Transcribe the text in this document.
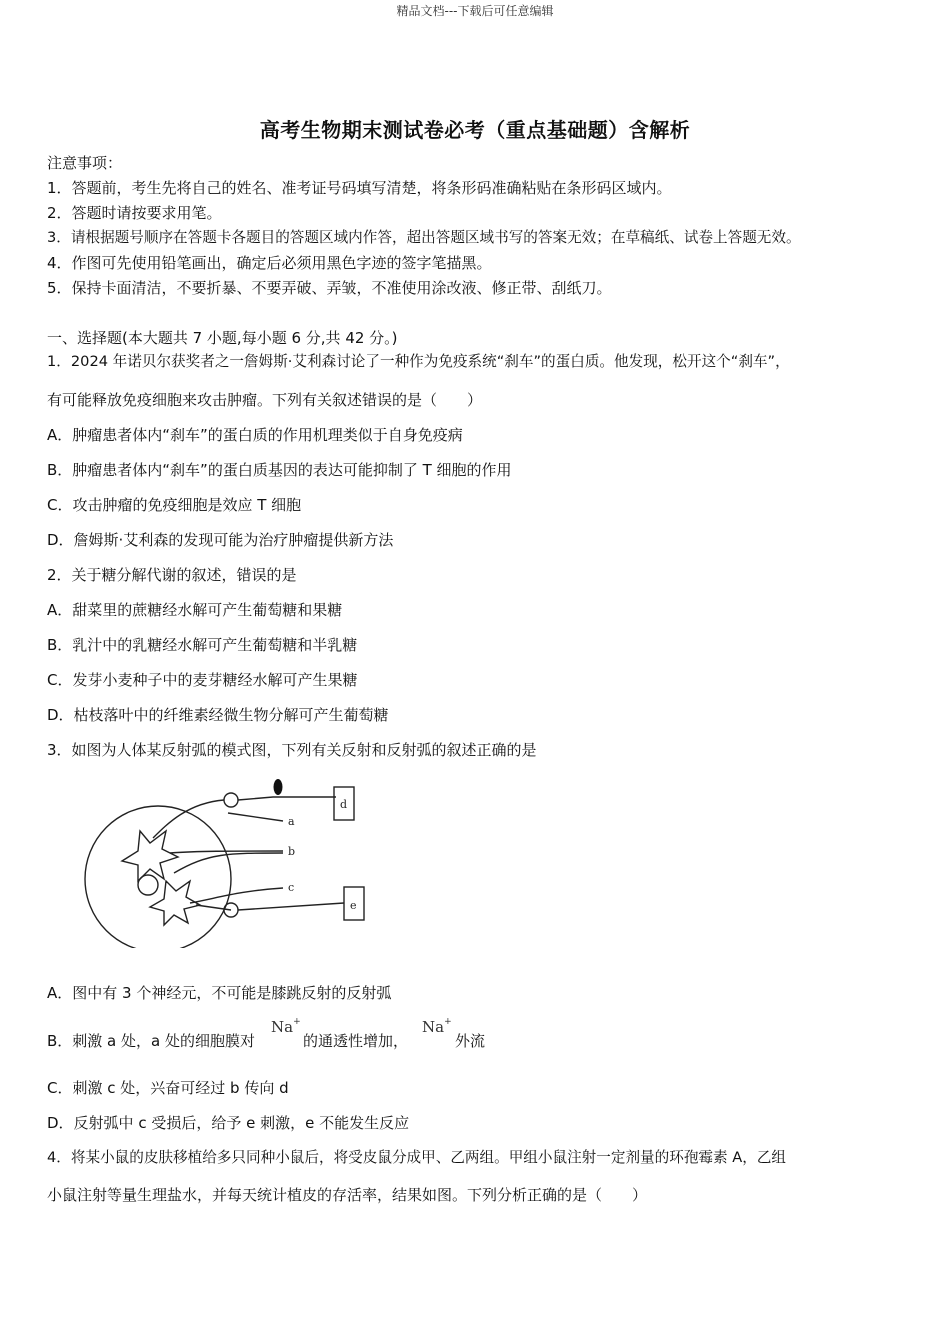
精品文档---下载后可任意编辑
高考生物期末测试卷必考（重点基础题）含解析
注意事项：
1．答题前，考生先将自己的姓名、准考证号码填写清楚，将条形码准确粘贴在条形码区域内。
2．答题时请按要求用笔。
3．请根据题号顺序在答题卡各题目的答题区域内作答，超出答题区域书写的答案无效；在草稿纸、试卷上答题无效。
4．作图可先使用铅笔画出，确定后必须用黑色字迹的签字笔描黑。
5．保持卡面清洁，不要折暴、不要弄破、弄皱，不准使用涂改液、修正带、刮纸刀。
一、选择题(本大题共 7 小题,每小题 6 分,共 42 分。)
1．2024 年诺贝尔获奖者之一詹姆斯·艾利森讨论了一种作为免疫系统“刹车”的蛋白质。他发现，松开这个“刹车”，
有可能释放免疫细胞来攻击肿瘤。下列有关叙述错误的是（　　）
A．肿瘤患者体内“刹车”的蛋白质的作用机理类似于自身免疫病
B．肿瘤患者体内“刹车”的蛋白质基因的表达可能抑制了 T 细胞的作用
C．攻击肿瘤的免疫细胞是效应 T 细胞
D．詹姆斯·艾利森的发现可能为治疗肿瘤提供新方法
2．关于糖分解代谢的叙述，错误的是
A．甜菜里的蔗糖经水解可产生葡萄糖和果糖
B．乳汁中的乳糖经水解可产生葡萄糖和半乳糖
C．发芽小麦种子中的麦芽糖经水解可产生果糖
D．枯枝落叶中的纤维素经微生物分解可产生葡萄糖
3．如图为人体某反射弧的模式图，下列有关反射和反射弧的叙述正确的是
a
b
c
d
e
A．图中有 3 个神经元，不可能是膝跳反射的反射弧
B．刺激 a 处，a 处的细胞膜对
Na+
的通透性增加，
Na+
外流
C．刺激 c 处，兴奋可经过 b 传向 d
D．反射弧中 c 受损后，给予 e 刺激，e 不能发生反应
4．将某小鼠的皮肤移植给多只同种小鼠后，将受皮鼠分成甲、乙两组。甲组小鼠注射一定剂量的环孢霉素 A，乙组
小鼠注射等量生理盐水，并每天统计植皮的存活率，结果如图。下列分析正确的是（　　）
